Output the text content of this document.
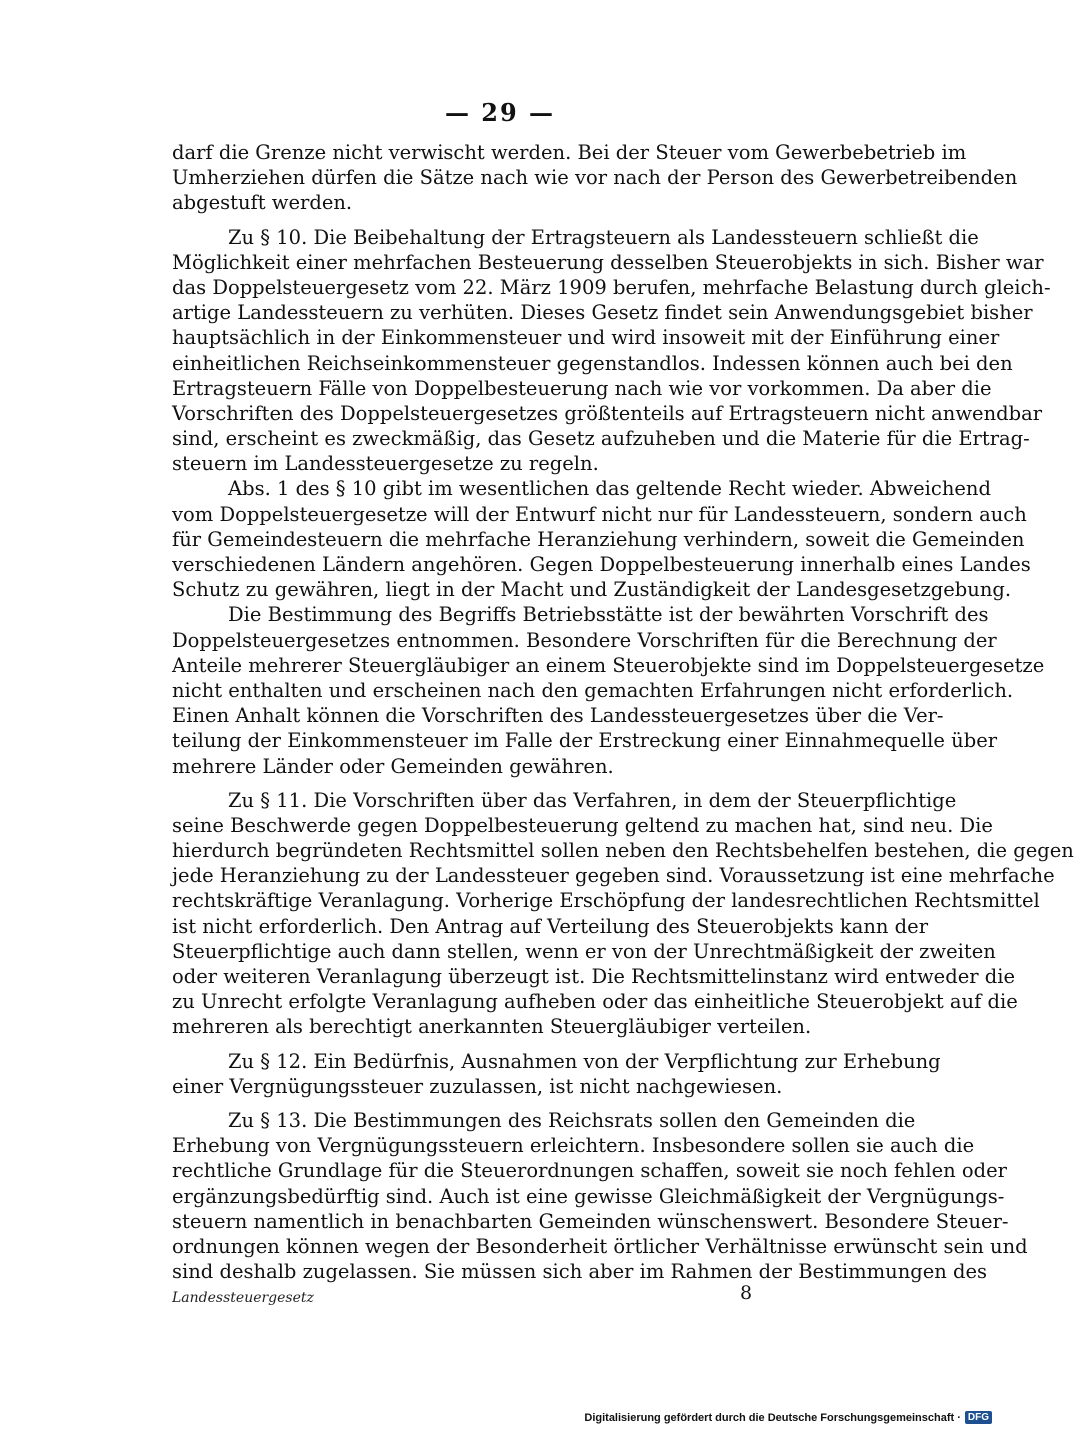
— 29 —
darf die Grenze nicht verwischt werden. Bei der Steuer vom Gewerbebetrieb im
Umherziehen dürfen die Sätze nach wie vor nach der Person des Gewerbetreibenden
abgestuft werden.
Zu § 10. Die Beibehaltung der Ertragsteuern als Landessteuern schließt die
Möglichkeit einer mehrfachen Besteuerung desselben Steuerobjekts in sich. Bisher war
das Doppelsteuergesetz vom 22. März 1909 berufen, mehrfache Belastung durch gleich-
artige Landessteuern zu verhüten. Dieses Gesetz findet sein Anwendungsgebiet bisher
hauptsächlich in der Einkommensteuer und wird insoweit mit der Einführung einer
einheitlichen Reichseinkommensteuer gegenstandlos. Indessen können auch bei den
Ertragsteuern Fälle von Doppelbesteuerung nach wie vor vorkommen. Da aber die
Vorschriften des Doppelsteuergesetzes größtenteils auf Ertragsteuern nicht anwendbar
sind, erscheint es zweckmäßig, das Gesetz aufzuheben und die Materie für die Ertrag-
steuern im Landessteuergesetze zu regeln.
Abs. 1 des § 10 gibt im wesentlichen das geltende Recht wieder. Abweichend
vom Doppelsteuergesetze will der Entwurf nicht nur für Landessteuern, sondern auch
für Gemeindesteuern die mehrfache Heranziehung verhindern, soweit die Gemeinden
verschiedenen Ländern angehören. Gegen Doppelbesteuerung innerhalb eines Landes
Schutz zu gewähren, liegt in der Macht und Zuständigkeit der Landesgesetzgebung.
Die Bestimmung des Begriffs Betriebsstätte ist der bewährten Vorschrift des
Doppelsteuergesetzes entnommen. Besondere Vorschriften für die Berechnung der
Anteile mehrerer Steuergläubiger an einem Steuerobjekte sind im Doppelsteuergesetze
nicht enthalten und erscheinen nach den gemachten Erfahrungen nicht erforderlich.
Einen Anhalt können die Vorschriften des Landessteuergesetzes über die Ver-
teilung der Einkommensteuer im Falle der Erstreckung einer Einnahmequelle über
mehrere Länder oder Gemeinden gewähren.
Zu § 11. Die Vorschriften über das Verfahren, in dem der Steuerpflichtige
seine Beschwerde gegen Doppelbesteuerung geltend zu machen hat, sind neu. Die
hierdurch begründeten Rechtsmittel sollen neben den Rechtsbehelfen bestehen, die gegen
jede Heranziehung zu der Landessteuer gegeben sind. Voraussetzung ist eine mehrfache
rechtskräftige Veranlagung. Vorherige Erschöpfung der landesrechtlichen Rechtsmittel
ist nicht erforderlich. Den Antrag auf Verteilung des Steuerobjekts kann der
Steuerpflichtige auch dann stellen, wenn er von der Unrechtmäßigkeit der zweiten
oder weiteren Veranlagung überzeugt ist. Die Rechtsmittelinstanz wird entweder die
zu Unrecht erfolgte Veranlagung aufheben oder das einheitliche Steuerobjekt auf die
mehreren als berechtigt anerkannten Steuergläubiger verteilen.
Zu § 12. Ein Bedürfnis, Ausnahmen von der Verpflichtung zur Erhebung
einer Vergnügungssteuer zuzulassen, ist nicht nachgewiesen.
Zu § 13. Die Bestimmungen des Reichsrats sollen den Gemeinden die
Erhebung von Vergnügungssteuern erleichtern. Insbesondere sollen sie auch die
rechtliche Grundlage für die Steuerordnungen schaffen, soweit sie noch fehlen oder
ergänzungsbedürftig sind. Auch ist eine gewisse Gleichmäßigkeit der Vergnügungs-
steuern namentlich in benachbarten Gemeinden wünschenswert. Besondere Steuer-
ordnungen können wegen der Besonderheit örtlicher Verhältnisse erwünscht sein und
sind deshalb zugelassen. Sie müssen sich aber im Rahmen der Bestimmungen des
Landessteuergesetz	8
Digitalisierung gefördert durch die Deutsche Forschungsgemeinschaft · DFG
